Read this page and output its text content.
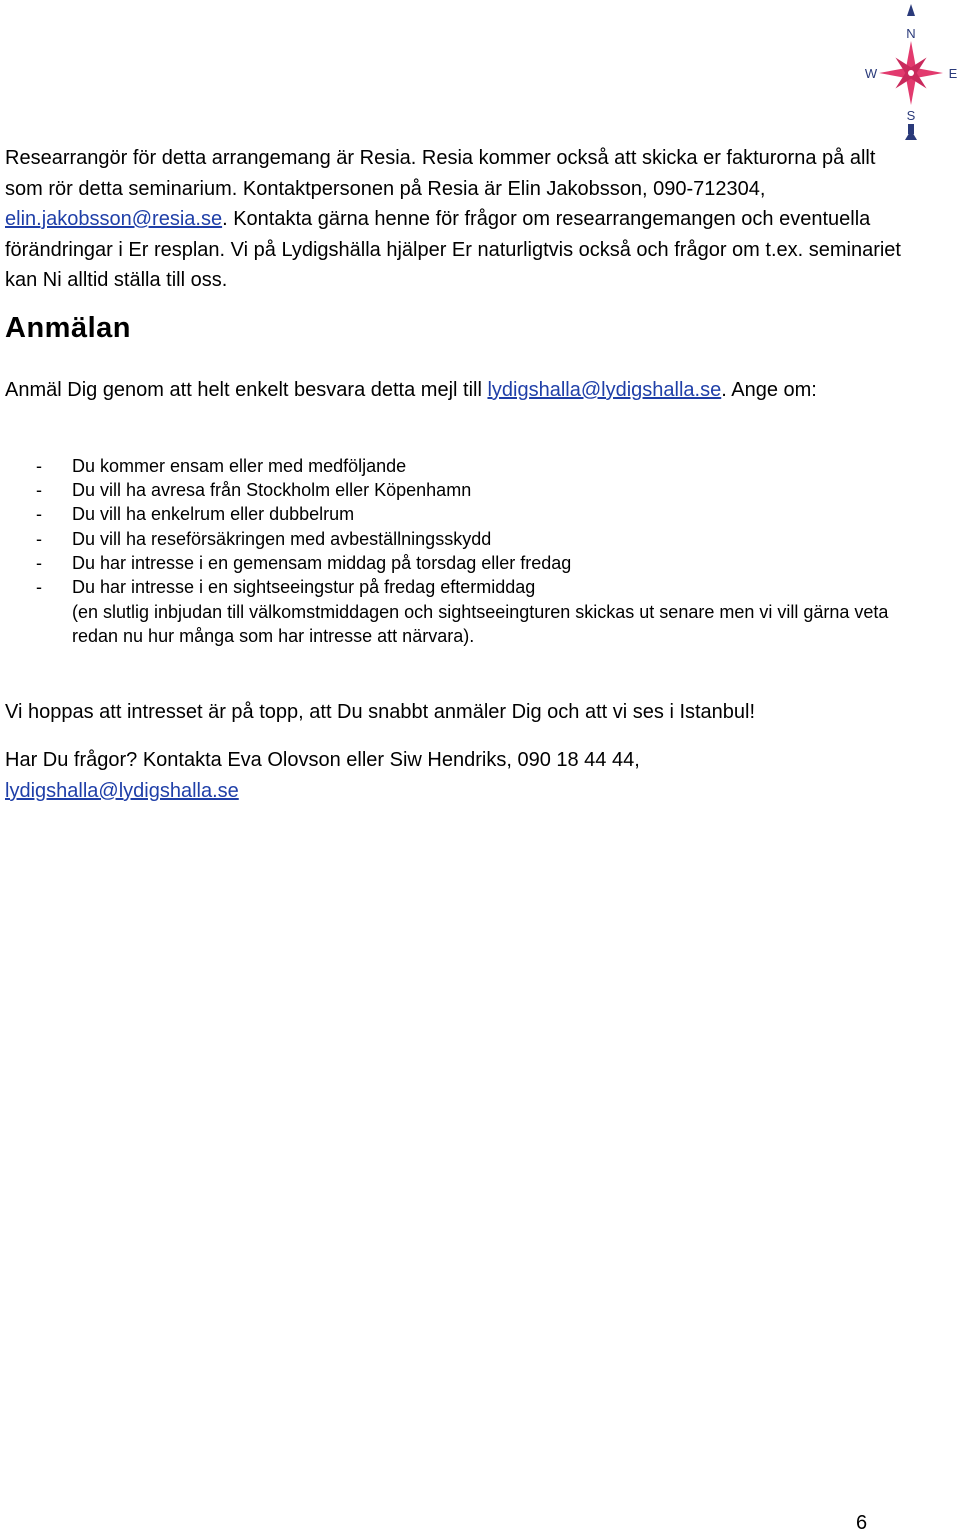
N
W	E
S

Researrangör för detta arrangemang är Resia. Resia kommer också att skicka er fakturorna på allt som rör detta seminarium. Kontaktpersonen på Resia är Elin Jakobsson, 090-712304, elin.jakobsson@resia.se. Kontakta gärna henne för frågor om researrangemangen och eventuella förändringar i Er resplan. Vi på Lydigshälla hjälper Er naturligtvis också och frågor om t.ex. seminariet kan Ni alltid ställa till oss.

Anmälan

Anmäl Dig genom att helt enkelt besvara detta mejl till lydigshalla@lydigshalla.se. Ange om:

- Du kommer ensam eller med medföljande
- Du vill ha avresa från Stockholm eller Köpenhamn
- Du vill ha enkelrum eller dubbelrum
- Du vill ha reseförsäkringen med avbeställningsskydd
- Du har intresse i en gemensam middag på torsdag eller fredag
- Du har intresse i en sightseeingstur på fredag eftermiddag

(en slutlig inbjudan till välkomstmiddagen och sightseeingturen skickas ut senare men vi vill gärna veta redan nu hur många som har intresse att närvara).

Vi hoppas att intresset är på topp, att Du snabbt anmäler Dig och att vi ses i Istanbul!

Har Du frågor? Kontakta Eva Olovson eller Siw Hendriks, 090 18 44 44,
lydigshalla@lydigshalla.se

6
